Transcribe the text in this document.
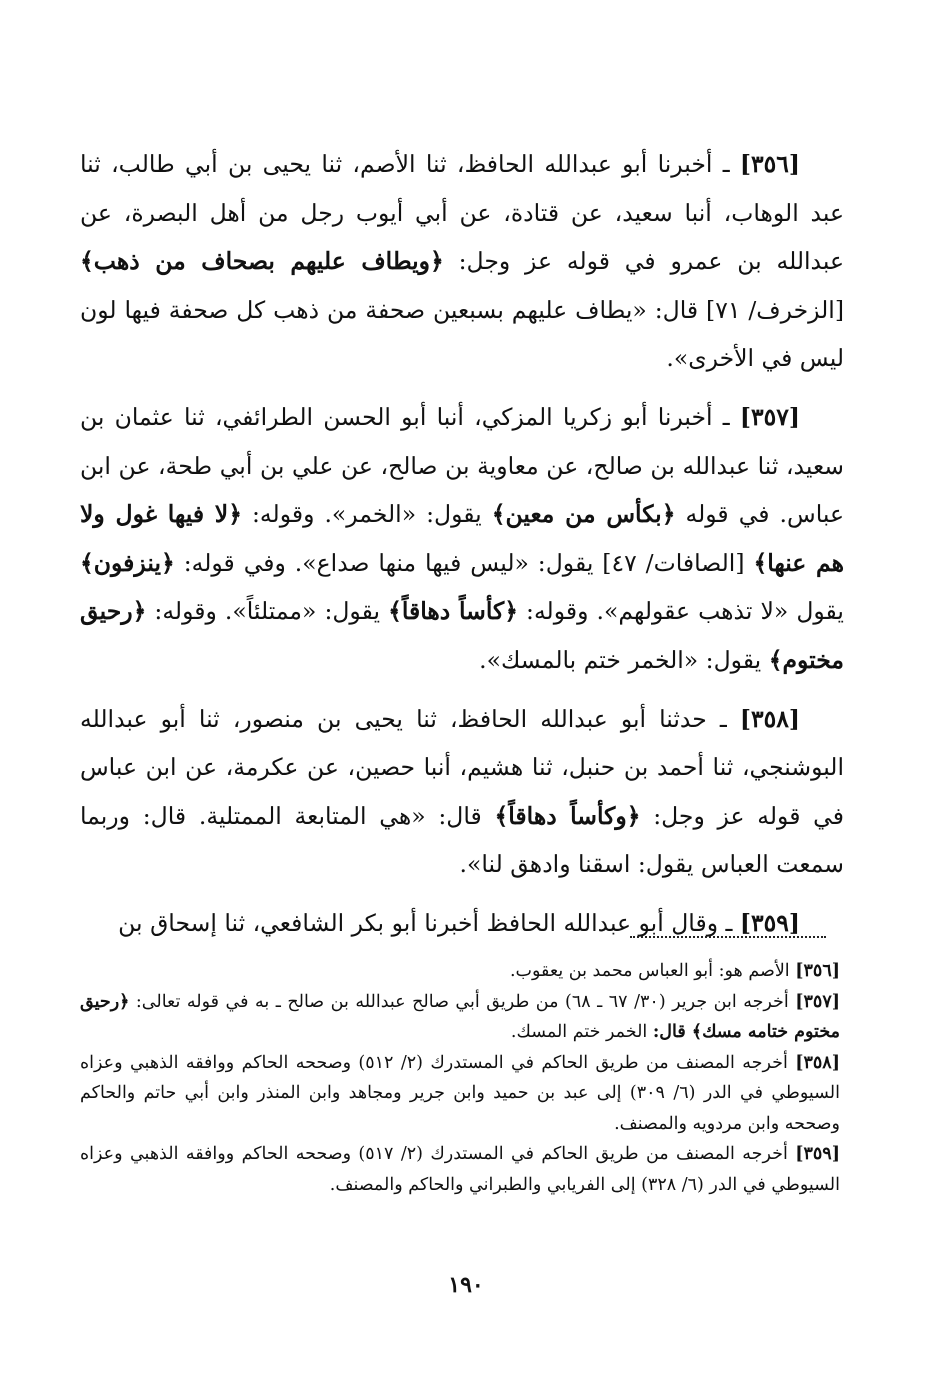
[٣٥٦] ـ أخبرنا أبو عبدالله الحافظ، ثنا الأصم، ثنا يحيى بن أبي طالب، ثنا عبد الوهاب، أنبا سعيد، عن قتادة، عن أبي أيوب رجل من أهل البصرة، عن عبدالله بن عمرو في قوله عز وجل: ﴿ويطاف عليهم بصحاف من ذهب﴾ [الزخرف/ ٧١] قال: «يطاف عليهم بسبعين صحفة من ذهب كل صحفة فيها لون ليس في الأخرى».

[٣٥٧] ـ أخبرنا أبو زكريا المزكي، أنبا أبو الحسن الطرائفي، ثنا عثمان بن سعيد، ثنا عبدالله بن صالح، عن معاوية بن صالح، عن علي بن أبي طحة، عن ابن عباس. في قوله ﴿بكأس من معين﴾ يقول: «الخمر». وقوله: ﴿لا فيها غول ولا هم عنها﴾ [الصافات/ ٤٧] يقول: «ليس فيها منها صداع». وفي قوله: ﴿ينزفون﴾ يقول «لا تذهب عقولهم». وقوله: ﴿كأساً دهاقاً﴾ يقول: «ممتلئاً». وقوله: ﴿رحيق مختوم﴾ يقول: «الخمر ختم بالمسك».

[٣٥٨] ـ حدثنا أبو عبدالله الحافظ، ثنا يحيى بن منصور، ثنا أبو عبدالله البوشنجي، ثنا أحمد بن حنبل، ثنا هشيم، أنبا حصين، عن عكرمة، عن ابن عباس في قوله عز وجل: ﴿وكأساً دهاقاً﴾ قال: «هي المتابعة الممتلية. قال: وربما سمعت العباس يقول: اسقنا وادهق لنا».

[٣٥٩] ـ وقال أبو عبدالله الحافظ أخبرنا أبو بكر الشافعي، ثنا إسحاق بن

[٣٥٦] الأصم هو: أبو العباس محمد بن يعقوب.

[٣٥٧] أخرجه ابن جرير (٣٠/ ٦٧ ـ ٦٨) من طريق أبي صالح عبدالله بن صالح ـ به في قوله تعالى: ﴿رحيق مختوم ختامه مسك﴾ قال: الخمر ختم المسك.

[٣٥٨] أخرجه المصنف من طريق الحاكم في المستدرك (٢/ ٥١٢) وصححه الحاكم ووافقه الذهبي وعزاه السيوطي في الدر (٦/ ٣٠٩) إلى عبد بن حميد وابن جرير ومجاهد وابن المنذر وابن أبي حاتم والحاكم وصححه وابن مردويه والمصنف.

[٣٥٩] أخرجه المصنف من طريق الحاكم في المستدرك (٢/ ٥١٧) وصححه الحاكم ووافقه الذهبي وعزاه السيوطي في الدر (٦/ ٣٢٨) إلى الفريابي والطبراني والحاكم والمصنف.

١٩٠
